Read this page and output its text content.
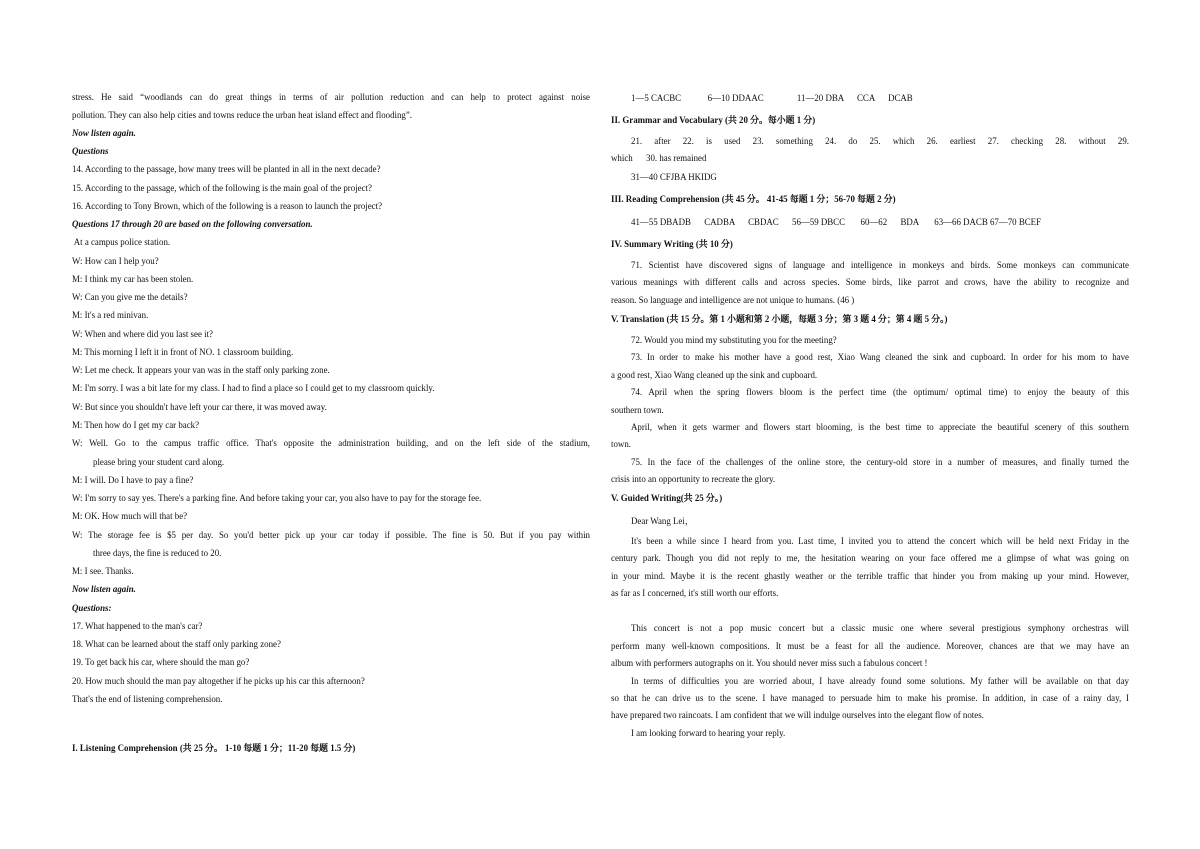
stress. He said “woodlands can do great things in terms of air pollution reduction and can help to protect against noise
pollution. They can also help cities and towns reduce the urban heat island effect and flooding”.
Now listen again.
Questions
14. According to the passage, how many trees will be planted in all in the next decade?
15. According to the passage, which of the following is the main goal of the project?
16. According to Tony Brown, which of the following is a reason to launch the project?
Questions 17 through 20 are based on the following conversation.
At a campus police station.
W: How can I help you?
M: I think my car has been stolen.
W: Can you give me the details?
M: It's a red minivan.
W: When and where did you last see it?
M: This morning I left it in front of NO. 1 classroom building.
W: Let me check. It appears your van was in the staff only parking zone.
M: I'm sorry. I was a bit late for my class. I had to find a place so I could get to my classroom quickly.
W: But since you shouldn't have left your car there, it was moved away.
M: Then how do I get my car back?
W: Well. Go to the campus traffic office. That's opposite the administration building, and on the left side of the stadium,
please bring your student card along.
M: I will. Do I have to pay a fine?
W: I'm sorry to say yes. There's a parking fine. And before taking your car, you also have to pay for the storage fee.
M: OK. How much will that be?
W: The storage fee is $5 per day. So you'd better pick up your car today if possible. The fine is 50. But if you pay within
three days, the fine is reduced to 20.
M: I see. Thanks.
Now listen again.
Questions:
17. What happened to the man's car?
18. What can be learned about the staff only parking zone?
19. To get back his car, where should the man go?
20. How much should the man pay altogether if he picks up his car this afternoon?
That's the end of listening comprehension.
I. Listening Comprehension (共 25 分。 1-10 每题 1 分；11-20 每题 1.5 分)
1—5 CACBC            6—10 DDAAC               11—20 DBA      CCA      DCAB
II. Grammar and Vocabulary (共 20 分。每小题 1 分)
21. after 22. is used 23. something 24. do 25. which 26. earliest 27. checking 28. without 29.
which      30. has remained
31—40 CFJBA HKIDG
III. Reading Comprehension (共 45 分。 41-45 每题 1 分；56-70 每题 2 分)
41—55 DBADB      CADBA      CBDAC      56—59 DBCC       60—62      BDA       63—66 DACB 67—70 BCEF
IV. Summary Writing (共 10 分)
71. Scientist have discovered signs of language and intelligence in monkeys and birds. Some monkeys can communicate
various meanings with different calls and across species. Some birds, like parrot and crows, have the ability to recognize and
reason. So language and intelligence are not unique to humans. (46 )
V. Translation (共 15 分。第 1 小题和第 2 小题，每题 3 分；第 3 题 4 分；第 4 题 5 分。)
72. Would you mind my substituting you for the meeting?
73. In order to make his mother have a good rest, Xiao Wang cleaned the sink and cupboard. In order for his mom to have
a good rest, Xiao Wang cleaned up the sink and cupboard.
74. April when the spring flowers bloom is the perfect time (the optimum/ optimal time) to enjoy the beauty of this
southern town.
April, when it gets warmer and flowers start blooming, is the best time to appreciate the beautiful scenery of this southern
town.
75. In the face of the challenges of the online store, the century-old store in a number of measures, and finally turned the
crisis into an opportunity to recreate the glory.
V. Guided Writing(共 25 分。)
Dear Wang Lei，
It's been a while since I heard from you. Last time, I invited you to attend the concert which will be held next Friday in the
century park. Though you did not reply to me, the hesitation wearing on your face offered me a glimpse of what was going on
in your mind. Maybe it is the recent ghastly weather or the terrible traffic that hinder you from making up your mind. However,
as far as I concerned, it's still worth our efforts.
This concert is not a pop music concert but a classic music one where several prestigious symphony orchestras will
perform many well-known compositions. It must be a feast for all the audience. Moreover, chances are that we may have an
album with performers autographs on it. You should never miss such a fabulous concert !
In terms of difficulties you are worried about, I have already found some solutions. My father will be available on that day
so that he can drive us to the scene. I have managed to persuade him to make his promise. In addition, in case of a rainy day, I
have prepared two raincoats. I am confident that we will indulge ourselves into the elegant flow of notes.
I am looking forward to hearing your reply.
